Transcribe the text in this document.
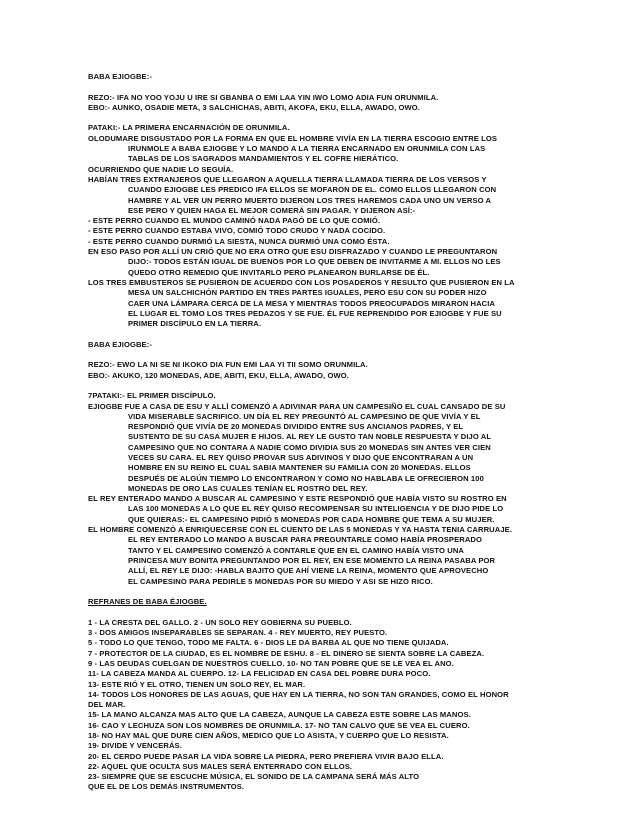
BABA EJIOGBE:-
REZO:- IFA NO YOO YOJU U IRE SI GBANBA O EMI LAA YIN IWO LOMO ADIA FUN ORUNMILA.
EBO:- AUNKO, OSADIE META, 3 SALCHICHAS, ABITI, AKOFA, EKU, ELLA, AWADO, OWO.
PATAKI:- LA PRIMERA ENCARNACIÓN DE ORUNMILA.
OLODUMARE DISGUSTADO POR LA FORMA EN QUE EL HOMBRE VIVÍA EN LA TIERRA ESCOGIO ENTRE LOS
IRUNMOLE A BABA EJIOGBE Y LO MANDO A LA TIERRA ENCARNADO EN ORUNMILA CON LAS
TABLAS DE LOS SAGRADOS MANDAMIENTOS Y EL COFRE HIERÁTICO.
OCURRIENDO QUE NADIE LO SEGUÍA.
HABÍAN TRES EXTRANJEROS QUE LLEGARON A AQUELLA TIERRA LLAMADA TIERRA DE LOS VERSOS Y
CUANDO EJIOGBE LES PREDICO IFA ELLOS SE MOFARON DE EL. COMO ELLOS LLEGARON CON
HAMBRE Y AL VER UN PERRO MUERTO DIJERON LOS TRES HAREMOS CADA UNO UN VERSO A
ESE PERO Y QUIEN HAGA EL MEJOR COMERÁ SIN PAGAR. Y DIJERON ASÍ:-
- ESTE PERRO CUANDO EL MUNDO CAMINÓ NADA PAGÓ DE LO QUE COMIÓ.
- ESTE PERRO CUANDO ESTABA VIVO, COMIÓ TODO CRUDO Y NADA COCIDO.
- ESTE PERRO CUANDO DURMIÓ LA SIESTA, NUNCA DURMIÓ UNA COMO ÉSTA.
EN ESO PASO POR ALLÍ UN CRIÓ QUE NO ERA OTRO QUE ESU DISFRAZADO Y CUANDO LE PREGUNTARON
DIJO:- TODOS ESTÁN IGUAL DE BUENOS POR LO QUE DEBEN DE INVITARME A MI. ELLOS NO LES
QUEDO OTRO REMEDIO QUE INVITARLO PERO PLANEARON BURLARSE DE ÉL.
LOS TRES EMBUSTEROS SE PUSIERON DE ACUERDO CON LOS POSADEROS Y RESULTO QUE PUSIERON EN LA
MESA UN SALCHICHÓN PARTIDO EN TRES PARTES IGUALES, PERO ESU CON SU PODER HIZO
CAER UNA LÁMPARA CERCA DE LA MESA Y MIENTRAS TODOS PREOCUPADOS MIRARON HACIA
EL LUGAR EL TOMO LOS TRES PEDAZOS Y SE FUE. ÉL FUE REPRENDIDO POR EJIOGBE Y FUE SU
PRIMER DISCÍPULO EN LA TIERRA.
BABA EJIOGBE:-
REZO:- EWO LA NI SE NI IKOKO DIA FUN EMI LAA YI TII SOMO ORUNMILA.
EBO:- AKUKO, 120 MONEDAS, ADE, ABITI, EKU, ELLA, AWADO, OWO.
7PATAKI:- EL PRIMER DISCÍPULO.
EJIOGBE FUE A CASA DE ESU Y ALLÍ COMENZÓ A ADIVINAR PARA UN CAMPESIÑO EL CUAL CANSADO DE SU
VIDA MISERABLE SACRIFICO. UN DÍA EL REY PREGUNTÓ AL CAMPESINO DE QUE VIVÍA Y EL
RESPONDIÓ QUE VIVÍA DE 20 MONEDAS DIVIDIDO ENTRE SUS ANCIANOS PADRES, Y EL
SUSTENTO DE SU CASA MUJER E HIJOS. AL REY LE GUSTO TAN NOBLE RESPUESTA Y DIJO AL
CAMPESINO QUE NO CONTARA A NADIE COMO DIVIDIA SUS 20 MONEDAS SIN ANTES VER CIEN
VECES SU CARA. EL REY QUISO PROVAR SUS ADIVINOS Y DIJO QUE ENCONTRARAN A UN
HOMBRE EN SU REINO EL CUAL SABIA MANTENER SU FAMILIA CON 20 MONEDAS. ELLOS
DESPUÉS DE ALGÚN TIEMPO LO ENCONTRARON Y COMO NO HABLABA LE OFRECIERON 100
MONEDAS DE ORO LAS CUALES TENÍAN EL ROSTRO DEL REY.
EL REY ENTERADO MANDO A BUSCAR AL CAMPESINO Y ESTE RESPONDIÓ QUE HABÍA VISTO SU ROSTRO EN
LAS 100 MONEDAS A LO QUE EL REY QUISO RECOMPENSAR SU INTELIGENCIA Y DE DIJO PIDE LO
QUE QUIERAS:- EL CAMPESINO PIDIÓ 5 MONEDAS POR CADA HOMBRE QUE TEMA A SU MUJER.
EL HOMBRE COMENZÓ A ENRIQUECERSE CON EL CUENTO DE LAS 5 MONEDAS Y YA HASTA TENIA CARRUAJE.
EL REY ENTERADO LO MANDO A BUSCAR PARA PREGUNTARLE COMO HABÍA PROSPERADO
TANTO Y EL CAMPESINO COMENZÓ A CONTARLE QUE EN EL CAMINO HABÍA VISTO UNA
PRINCESA MUY BONITA PREGUNTANDO POR EL REY, EN ESE MOMENTO LA REINA PASABA POR
ALLÍ, EL REY LE DIJO: -HABLA BAJITO QUE AHÍ VIENE LA REINA, MOMENTO QUE APROVECHO
EL CAMPESINO PARA PEDIRLE 5 MONEDAS POR SU MIEDO Y ASI SE HIZO RICO.
REFRANES DE BABA ÉJIOGBE.
1 - LA CRESTA DEL GALLO. 2 - UN SOLO REY GOBIERNA SU PUEBLO.
3 - DOS AMIGOS INSEPARABLES SE SEPARAN. 4 - REY MUERTO, REY PUESTO.
5 - TODO LO QUE TENGO, TODO ME FALTA. 6 - DIOS LE DA BARBA AL QUE NO TIENE QUIJADA.
7 - PROTECTOR DE LA CIUDAD, ES EL NOMBRE DE ESHU. 8 - EL DINERO SE SIENTA SOBRE LA CABEZA.
9 - LAS DEUDAS CUELGAN DE NUESTROS CUELLO. 10- NO TAN POBRE QUE SE LE VEA EL ANO.
11- LA CABEZA MANDA AL CUERPO. 12- LA FELICIDAD EN CASA DEL POBRE DURA POCO.
13- ESTE RIÓ Y EL OTRO, TIENEN UN SOLO REY, EL MAR.
14- TODOS LOS HONORES DE LAS AGUAS, QUE HAY EN LA TIERRA, NO SON TAN GRANDES, COMO EL HONOR
DEL MAR.
15- LA MANO ALCANZA MAS ALTO QUE LA CABEZA, AUNQUE LA CABEZA ESTE SOBRE LAS MANOS.
16- CAO Y LECHUZA SON LOS NOMBRES DE ORUNMILA. 17- NO TAN CALVO QUE SE VEA EL CUERO.
18- NO HAY MAL QUE DURE CIEN AÑOS, MEDICO QUE LO ASISTA, Y CUERPO QUE LO RESISTA.
19- DIVIDE Y VENCERÁS.
20- EL CERDO PUEDE PASAR LA VIDA SOBRE LA PIEDRA, PERO PREFIERA VIVIR BAJO ELLA.
22- AQUEL QUE OCULTA SUS MALES SERÁ ENTERRADO CON ELLOS.
23- SIEMPRE QUE SE ESCUCHE MÚSICA, EL SONIDO DE LA CAMPANA SERÁ MÁS ALTO
QUE EL DE LOS DEMÁS INSTRUMENTOS.
